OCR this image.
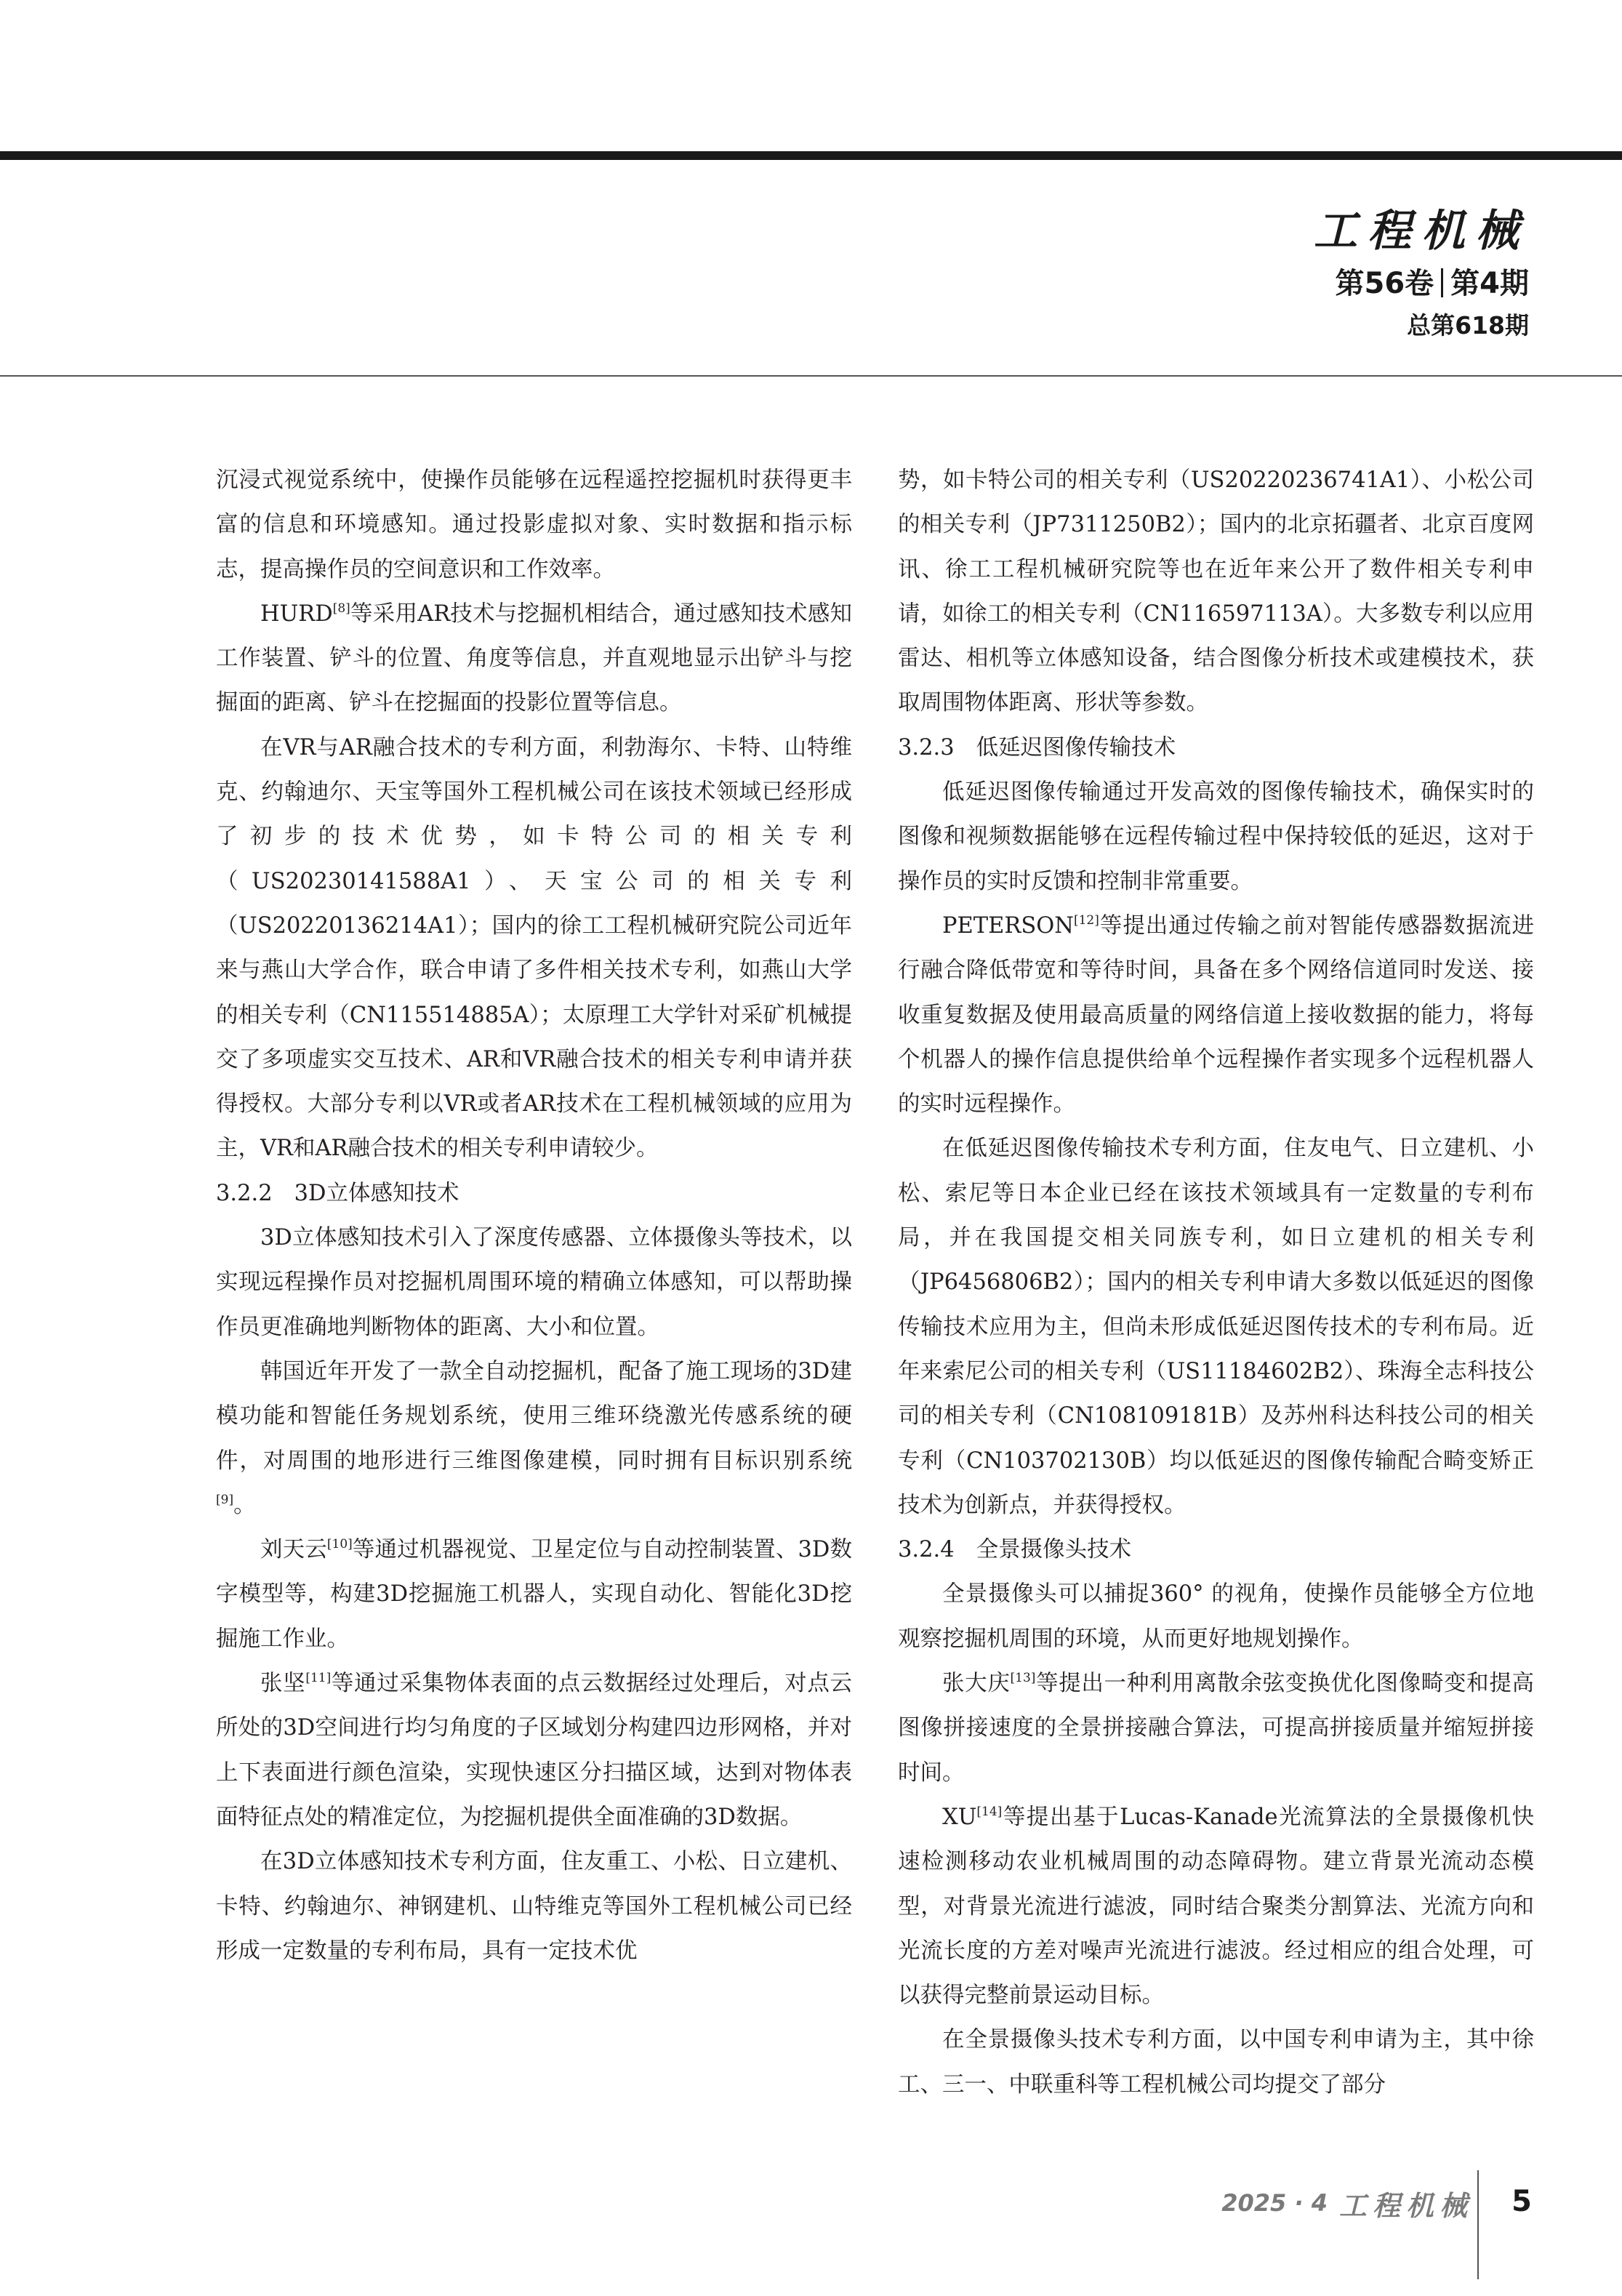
工程机械
第56卷 第4期
总第618期

沉浸式视觉系统中，使操作员能够在远程遥控挖掘机时获得更丰富的信息和环境感知。通过投影虚拟对象、实时数据和指示标志，提高操作员的空间意识和工作效率。

HURD[8]等采用AR技术与挖掘机相结合，通过感知技术感知工作装置、铲斗的位置、角度等信息，并直观地显示出铲斗与挖掘面的距离、铲斗在挖掘面的投影位置等信息。

在VR与AR融合技术的专利方面，利勃海尔、卡特、山特维克、约翰迪尔、天宝等国外工程机械公司在该技术领域已经形成了初步的技术优势，如卡特公司的相关专利（US20230141588A1）、天宝公司的相关专利（US20220136214A1）；国内的徐工工程机械研究院公司近年来与燕山大学合作，联合申请了多件相关技术专利，如燕山大学的相关专利（CN115514885A）；太原理工大学针对采矿机械提交了多项虚实交互技术、AR和VR融合技术的相关专利申请并获得授权。大部分专利以VR或者AR技术在工程机械领域的应用为主，VR和AR融合技术的相关专利申请较少。

3.2.2 3D立体感知技术

3D立体感知技术引入了深度传感器、立体摄像头等技术，以实现远程操作员对挖掘机周围环境的精确立体感知，可以帮助操作员更准确地判断物体的距离、大小和位置。

韩国近年开发了一款全自动挖掘机，配备了施工现场的3D建模功能和智能任务规划系统，使用三维环绕激光传感系统的硬件，对周围的地形进行三维图像建模，同时拥有目标识别系统[9]。

刘天云[10]等通过机器视觉、卫星定位与自动控制装置、3D数字模型等，构建3D挖掘施工机器人，实现自动化、智能化3D挖掘施工作业。

张坚[11]等通过采集物体表面的点云数据经过处理后，对点云所处的3D空间进行均匀角度的子区域划分构建四边形网格，并对上下表面进行颜色渲染，实现快速区分扫描区域，达到对物体表面特征点处的精准定位，为挖掘机提供全面准确的3D数据。

在3D立体感知技术专利方面，住友重工、小松、日立建机、卡特、约翰迪尔、神钢建机、山特维克等国外工程机械公司已经形成一定数量的专利布局，具有一定技术优

势，如卡特公司的相关专利（US20220236741A1）、小松公司的相关专利（JP7311250B2）；国内的北京拓疆者、北京百度网讯、徐工工程机械研究院等也在近年来公开了数件相关专利申请，如徐工的相关专利（CN116597113A）。大多数专利以应用雷达、相机等立体感知设备，结合图像分析技术或建模技术，获取周围物体距离、形状等参数。

3.2.3 低延迟图像传输技术

低延迟图像传输通过开发高效的图像传输技术，确保实时的图像和视频数据能够在远程传输过程中保持较低的延迟，这对于操作员的实时反馈和控制非常重要。

PETERSON[12]等提出通过传输之前对智能传感器数据流进行融合降低带宽和等待时间，具备在多个网络信道同时发送、接收重复数据及使用最高质量的网络信道上接收数据的能力，将每个机器人的操作信息提供给单个远程操作者实现多个远程机器人的实时远程操作。

在低延迟图像传输技术专利方面，住友电气、日立建机、小松、索尼等日本企业已经在该技术领域具有一定数量的专利布局，并在我国提交相关同族专利，如日立建机的相关专利（JP6456806B2）；国内的相关专利申请大多数以低延迟的图像传输技术应用为主，但尚未形成低延迟图传技术的专利布局。近年来索尼公司的相关专利（US11184602B2）、珠海全志科技公司的相关专利（CN108109181B）及苏州科达科技公司的相关专利（CN103702130B）均以低延迟的图像传输配合畸变矫正技术为创新点，并获得授权。

3.2.4 全景摄像头技术

全景摄像头可以捕捉360° 的视角，使操作员能够全方位地观察挖掘机周围的环境，从而更好地规划操作。

张大庆[13]等提出一种利用离散余弦变换优化图像畸变和提高图像拼接速度的全景拼接融合算法，可提高拼接质量并缩短拼接时间。

XU[14]等提出基于Lucas-Kanade光流算法的全景摄像机快速检测移动农业机械周围的动态障碍物。建立背景光流动态模型，对背景光流进行滤波，同时结合聚类分割算法、光流方向和光流长度的方差对噪声光流进行滤波。经过相应的组合处理，可以获得完整前景运动目标。

在全景摄像头技术专利方面，以中国专利申请为主，其中徐工、三一、中联重科等工程机械公司均提交了部分

2025 · 4 工程机械 5
